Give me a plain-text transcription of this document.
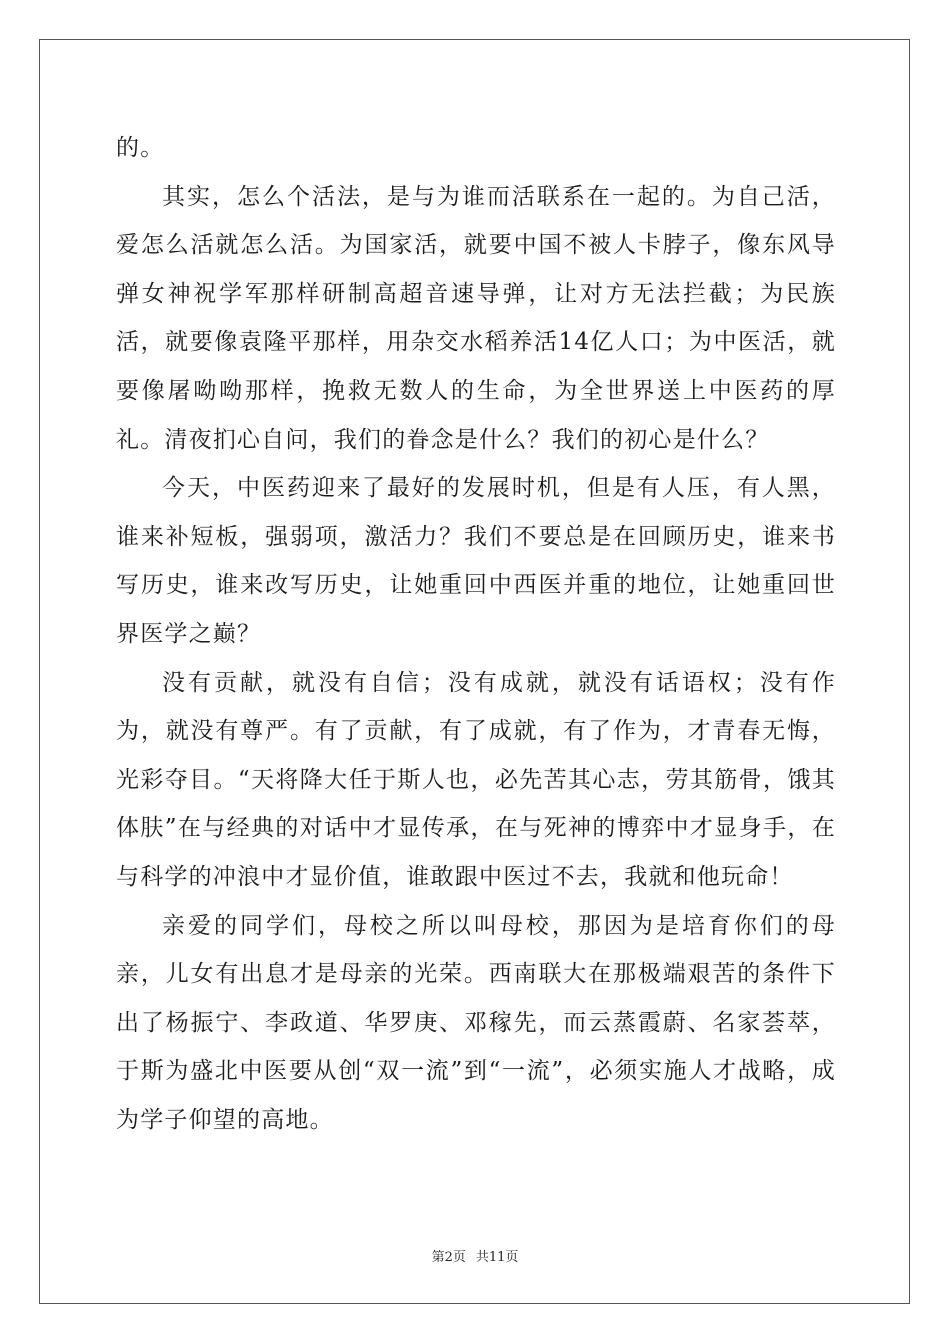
的。

其实，怎么个活法，是与为谁而活联系在一起的。为自己活，爱怎么活就怎么活。为国家活，就要中国不被人卡脖子，像东风导弹女神祝学军那样研制高超音速导弹，让对方无法拦截；为民族活，就要像袁隆平那样，用杂交水稻养活14亿人口；为中医活，就要像屠呦呦那样，挽救无数人的生命，为全世界送上中医药的厚礼。清夜扪心自问，我们的眷念是什么？我们的初心是什么？

今天，中医药迎来了最好的发展时机，但是有人压，有人黑，谁来补短板，强弱项，激活力？我们不要总是在回顾历史，谁来书写历史，谁来改写历史，让她重回中西医并重的地位，让她重回世界医学之巅？

没有贡献，就没有自信；没有成就，就没有话语权；没有作为，就没有尊严。有了贡献，有了成就，有了作为，才青春无悔，光彩夺目。“天将降大任于斯人也，必先苦其心志，劳其筋骨，饿其体肤”在与经典的对话中才显传承，在与死神的博弈中才显身手，在与科学的冲浪中才显价值，谁敢跟中医过不去，我就和他玩命！

亲爱的同学们，母校之所以叫母校，那因为是培育你们的母亲，儿女有出息才是母亲的光荣。西南联大在那极端艰苦的条件下出了杨振宁、李政道、华罗庚、邓稼先，而云蒸霞蔚、名家荟萃，于斯为盛北中医要从创“双一流”到“一流”，必须实施人才战略，成为学子仰望的高地。

第2页 共11页
